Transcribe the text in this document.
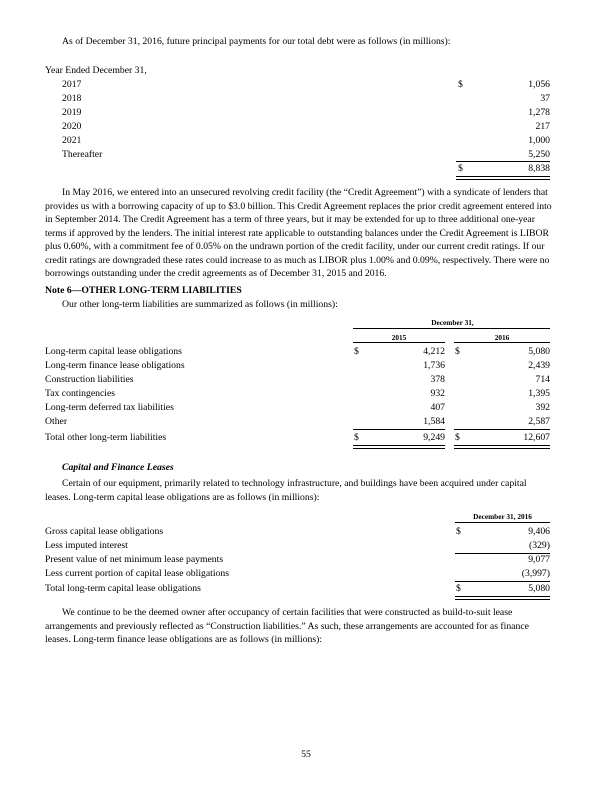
As of December 31, 2016, future principal payments for our total debt were as follows (in millions):
Year Ended December 31,
2017	$	1,056
2018	37
2019	1,278
2020	217
2021	1,000
Thereafter	5,250
$	8,838
In May 2016, we entered into an unsecured revolving credit facility (the “Credit Agreement”) with a syndicate of lenders that provides us with a borrowing capacity of up to $3.0 billion. This Credit Agreement replaces the prior credit agreement entered into in September 2014. The Credit Agreement has a term of three years, but it may be extended for up to three additional one-year terms if approved by the lenders. The initial interest rate applicable to outstanding balances under the Credit Agreement is LIBOR plus 0.60%, with a commitment fee of 0.05% on the undrawn portion of the credit facility, under our current credit ratings. If our credit ratings are downgraded these rates could increase to as much as LIBOR plus 1.00% and 0.09%, respectively. There were no borrowings outstanding under the credit agreements as of December 31, 2015 and 2016.
Note 6—OTHER LONG-TERM LIABILITIES
Our other long-term liabilities are summarized as follows (in millions):
December 31,
2015	2016
Long-term capital lease obligations	$	4,212 $	5,080
Long-term finance lease obligations	1,736	2,439
Construction liabilities	378	714
Tax contingencies	932	1,395
Long-term deferred tax liabilities	407	392
Other	1,584	2,587
Total other long-term liabilities	$	9,249 $	12,607
Capital and Finance Leases
Certain of our equipment, primarily related to technology infrastructure, and buildings have been acquired under capital leases. Long-term capital lease obligations are as follows (in millions):
December 31, 2016
Gross capital lease obligations	$	9,406
Less imputed interest	(329)
Present value of net minimum lease payments	9,077
Less current portion of capital lease obligations	(3,997)
Total long-term capital lease obligations	$	5,080
We continue to be the deemed owner after occupancy of certain facilities that were constructed as build-to-suit lease arrangements and previously reflected as “Construction liabilities.” As such, these arrangements are accounted for as finance leases. Long-term finance lease obligations are as follows (in millions):
55
